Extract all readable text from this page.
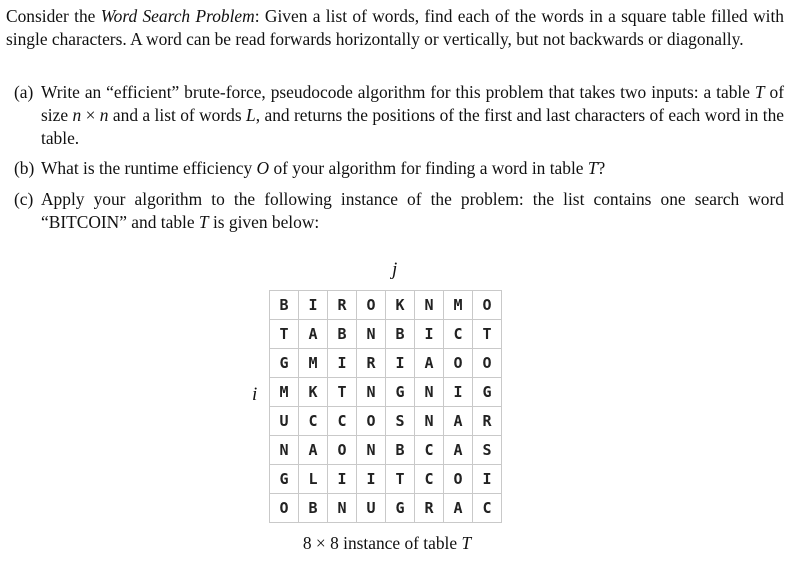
Consider the Word Search Problem: Given a list of words, find each of the words in a square table filled with single characters. A word can be read forwards horizontally or vertically, but not backwards or diagonally.

(a) Write an “efficient” brute-force, pseudocode algorithm for this problem that takes two inputs: a table T of size n × n and a list of words L, and returns the positions of the first and last characters of each word in the table.
(b) What is the runtime efficiency O of your algorithm for finding a word in table T?
(c) Apply your algorithm to the following instance of the problem: the list contains one search word “BITCOIN” and table T is given below:
j
i
B	I	R	O	K	N	M	O
T	A	B	N	B	I	C	T
G	M	I	R	I	A	O	O
M	K	T	N	G	N	I	G
U	C	C	O	S	N	A	R
N	A	O	N	B	C	A	S
G	L	I	I	T	C	O	I
O	B	N	U	G	R	A	C
8 × 8 instance of table T
